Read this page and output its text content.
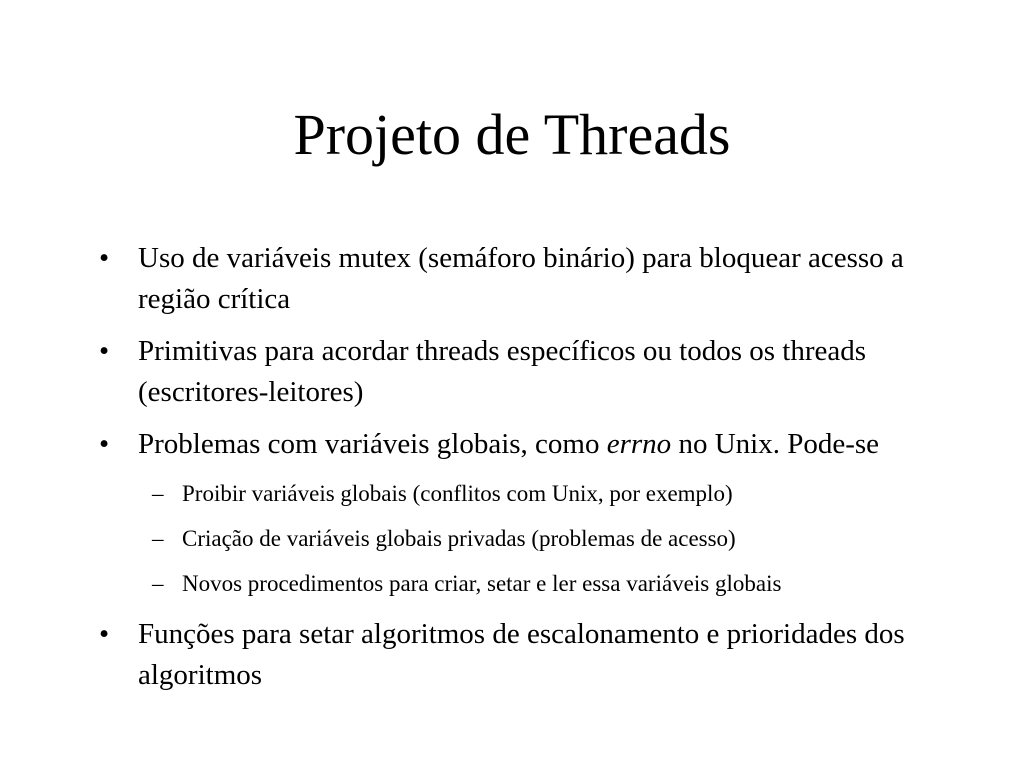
Projeto de Threads
• Uso de variáveis mutex (semáforo binário) para bloquear acesso a região crítica
• Primitivas para acordar threads específicos ou todos os threads (escritores-leitores)
• Problemas com variáveis globais, como errno no Unix. Pode-se
– Proibir variáveis globais (conflitos com Unix, por exemplo)
– Criação de variáveis globais privadas (problemas de acesso)
– Novos procedimentos para criar, setar e ler essa variáveis globais
• Funções para setar algoritmos de escalonamento e prioridades dos algoritmos
